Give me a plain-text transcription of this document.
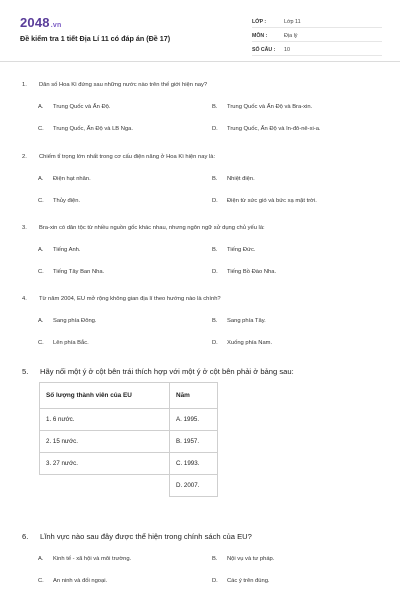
2048.vn
Đề kiểm tra 1 tiết Địa Lí 11 có đáp án (Đề 17)
LỚP :	Lớp 11
MÔN :	Địa lý
SỐ CÂU :	10
1. Dân số Hoa Kì đứng sau những nước nào trên thế giới hiện nay?
A. Trung Quốc và Ấn Độ.	B. Trung Quốc và Ấn Độ và Bra-xin.
C. Trung Quốc, Ấn Độ và LB Nga.	D. Trung Quốc, Ấn Độ và In-đô-nê-xi-a.
2. Chiếm tỉ trọng lớn nhất trong cơ cấu điện năng ở Hoa Kì hiện nay là:
A. Điện hạt nhân.	B. Nhiệt điện.
C. Thủy điện.	D. Điện từ sức gió và bức xạ mặt trời.
3. Bra-xin có dân tộc từ nhiều nguồn gốc khác nhau, nhưng ngôn ngữ sử dụng chủ yếu là:
A. Tiếng Anh.	B. Tiếng Đức.
C. Tiếng Tây Ban Nha.	D. Tiếng Bồ Đào Nha.
4. Từ năm 2004, EU mở rộng không gian địa lí theo hướng nào là chính?
A. Sang phía Đông.	B. Sang phía Tây.
C. Lên phía Bắc.	D. Xuống phía Nam.
5. Hãy nối một ý ở cột bên trái thích hợp với một ý ở cột bên phải ở bảng sau:
Số lượng thành viên của EU	Năm
1. 6 nước.	A. 1995.
2. 15 nước.	B. 1957.
3. 27 nước.	C. 1993.
	D. 2007.
6. Lĩnh vực nào sau đây được thể hiện trong chính sách của EU?
A. Kinh tế - xã hội và môi trường.	B. Nội vụ và tư pháp.
C. An ninh và đối ngoại.	D. Các ý trên đúng.
